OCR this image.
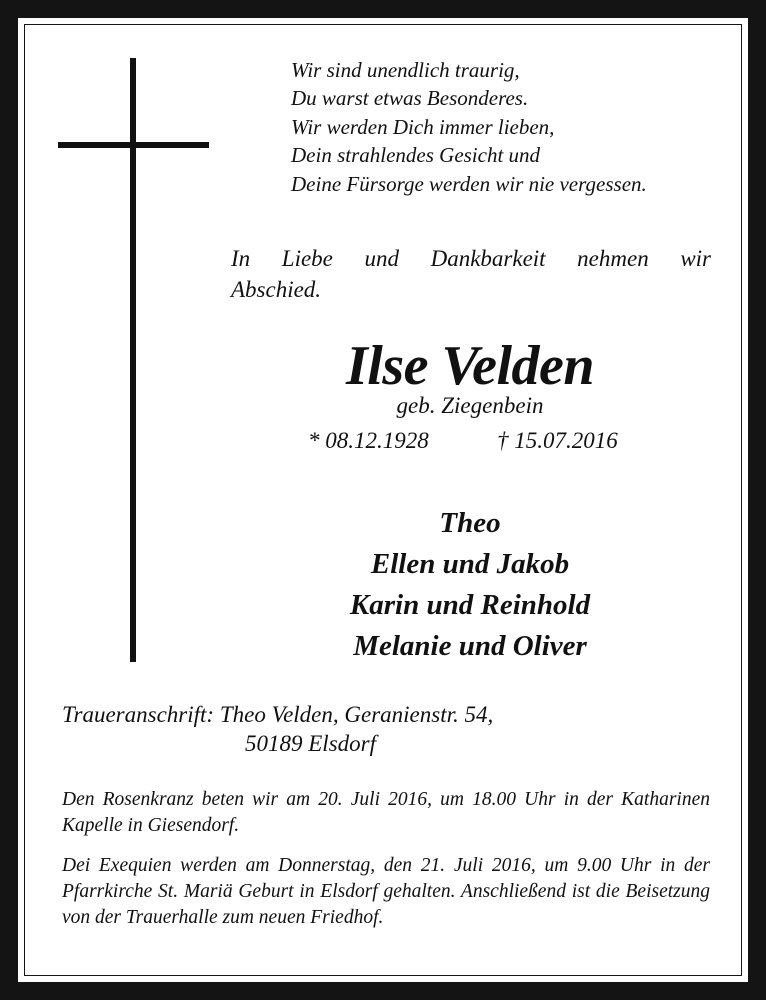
Wir sind unendlich traurig,
Du warst etwas Besonderes.
Wir werden Dich immer lieben,
Dein strahlendes Gesicht und
Deine Fürsorge werden wir nie vergessen.
In Liebe und Dankbarkeit nehmen wir
Abschied.
Ilse Velden
geb. Ziegenbein
* 08.12.1928	† 15.07.2016
Theo
Ellen und Jakob
Karin und Reinhold
Melanie und Oliver
Traueranschrift: Theo Velden, Geranienstr. 54,
50189 Elsdorf
Den Rosenkranz beten wir am 20. Juli 2016, um 18.00 Uhr in der Katharinen Kapelle in Giesendorf.
Dei Exequien werden am Donnerstag, den 21. Juli 2016, um 9.00 Uhr in der Pfarrkirche St. Mariä Geburt in Elsdorf gehalten. Anschließend ist die Beisetzung von der Trauerhalle zum neuen Friedhof.
